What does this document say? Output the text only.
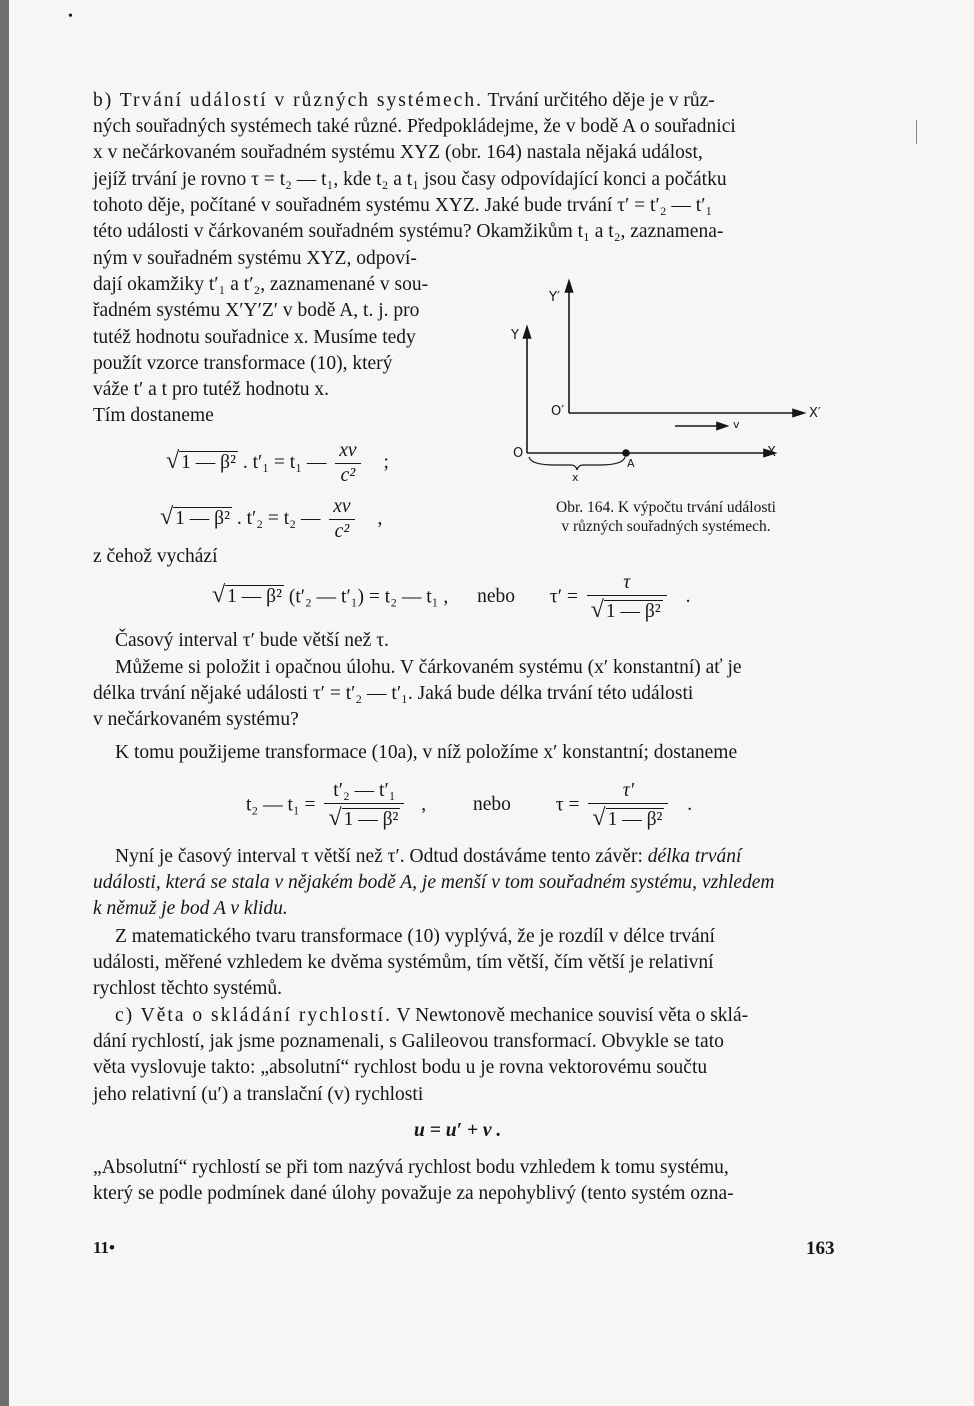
•

b) Trvání událostí v různých systémech. Trvání určitého děje je v růz-

ných souřadných systémech také různé. Předpokládejme, že v bodě A o souřadnici

x v nečárkovaném souřadném systému XYZ (obr. 164) nastala nějaká událost,

jejíž trvání je rovno τ = t₂ — t₁, kde t₂ a t₁ jsou časy odpovídající konci a počátku

tohoto děje, počítané v souřadném systému XYZ. Jaké bude trvání τ′ = t′₂ — t′₁

této události v čárkovaném souřadném systému? Okamžikům t₁ a t₂, zaznamena-

ným v souřadném systému XYZ, odpoví-

dají okamžiky t′₁ a t′₂, zaznamenané v sou-

řadném systému X′Y′Z′ v bodě A, t. j. pro

tutéž hodnotu souřadnice x. Musíme tedy

použít vzorce transformace (10), který

váže t′ a t pro tutéž hodnotu x.

Tím dostaneme

Y′
Y
O′
O
X′
X
v
A
x
Obr. 164. K výpočtu trvání události
v různých souřadných systémech.
√ 1 — β² . t′₁ = t₁ — $\frac{xv}{\text{c²}}$ ;
√ 1 — β² . t′₂ = t₂ — $\frac{xv}{\text{c²}}$ ,
z čehož vychází
√ 1 — β² (t′₂ — t′₁) = t₂ — t₁ , nebo $\tau' = \frac{\tau}{\text{√ 1 — β²}}$ .
Časový interval τ′ bude větší než τ.

Můžeme si položit i opačnou úlohu. V čárkovaném systému (x′ konstantní) ať je

délka trvání nějaké události τ′ = t′₂ — t′₁. Jaká bude délka trvání této události

v nečárkovaném systému?

K tomu použijeme transformace (10a), v níž položíme x′ konstantní; dostaneme
t₂ — $t_1 = \frac{\text{t′₂ — t′₁}}{\text{√ 1 — β²}}$ , nebo $\tau = \frac{\tau'}{\text{√ 1 — β²}}$ .

Nyní je časový interval τ větší než τ′. Odtud dostáváme tento závěr: délka trvání

události, která se stala v nějakém bodě A, je menší v tom souřadném systému, vzhledem

k němuž je bod A v klidu.

Z matematického tvaru transformace (10) vyplývá, že je rozdíl v délce trvání

události, měřené vzhledem ke dvěma systémům, tím větší, čím větší je relativní

rychlost těchto systémů.

c) Věta o skládání rychlostí. V Newtonově mechanice souvisí věta o sklá-

dání rychlostí, jak jsme poznamenali, s Galileovou transformací. Obvykle se tato

věta vyslovuje takto: „absolutní“ rychlost bodu u je rovna vektorovému součtu

jeho relativní (u′) a translační (v) rychlosti

u = u′ + v .

„Absolutní“ rychlostí se při tom nazývá rychlost bodu vzhledem k tomu systému,

který se podle podmínek dané úlohy považuje za nepohyblivý (tento systém ozna-

11•	163
